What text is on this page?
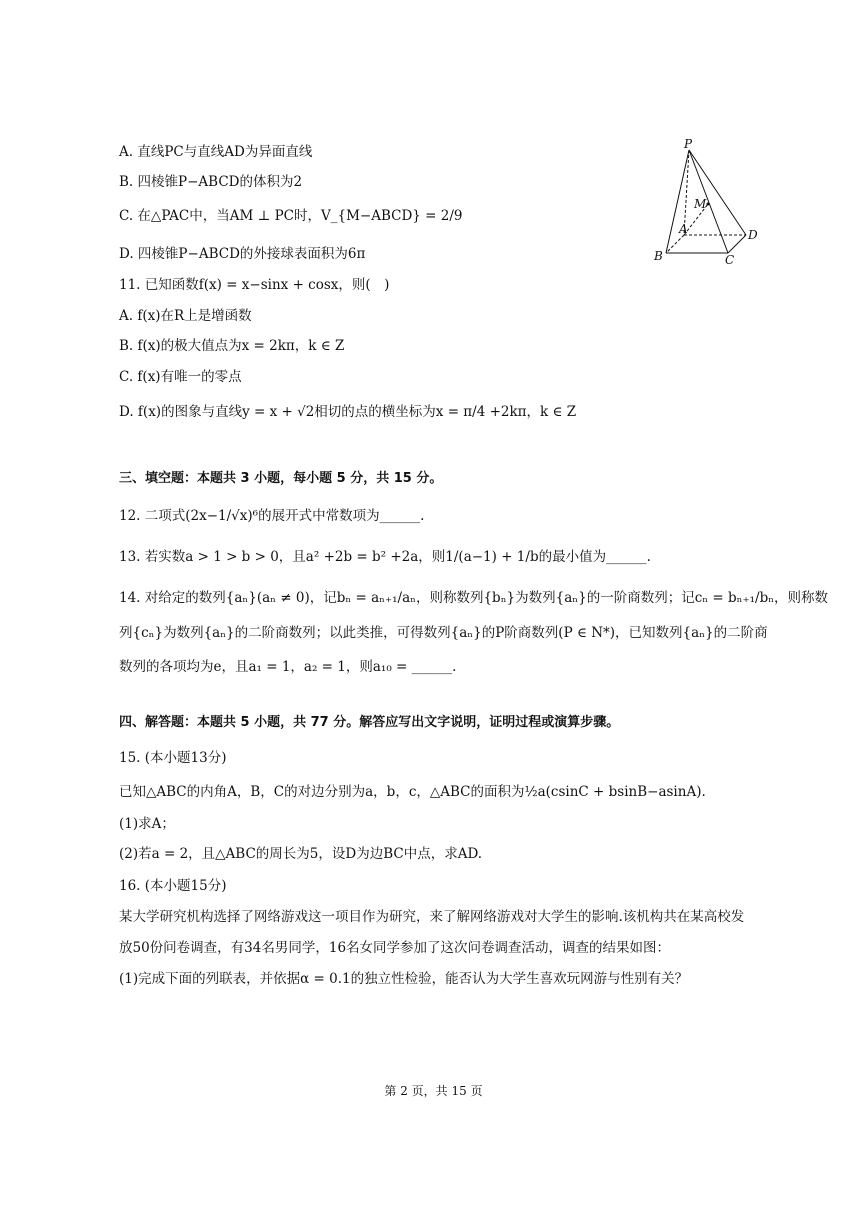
A. 直线PC与直线AD为异面直线
B. 四棱锥P−ABCD的体积为2
C. 在△PAC中，当AM ⊥ PC时，V_{M−ABCD} = 2/9
D. 四棱锥P−ABCD的外接球表面积为6π
11. 已知函数f(x) = x−sinx + cosx，则(　)
A. f(x)在R上是增函数
B. f(x)的极大值点为x = 2kπ，k ∈ Z
C. f(x)有唯一的零点
D. f(x)的图象与直线y = x + √2相切的点的横坐标为x = π/4 +2kπ，k ∈ Z
三、填空题：本题共 3 小题，每小题 5 分，共 15 分。
12. 二项式(2x−1/√x)⁶的展开式中常数项为______.
13. 若实数a > 1 > b > 0，且a² +2b = b² +2a，则1/(a−1) + 1/b的最小值为______.
14. 对给定的数列{aₙ}(aₙ ≠ 0)，记bₙ = aₙ₊₁/aₙ，则称数列{bₙ}为数列{aₙ}的一阶商数列；记cₙ = bₙ₊₁/bₙ，则称数
列{cₙ}为数列{aₙ}的二阶商数列；以此类推，可得数列{aₙ}的P阶商数列(P ∈ N*)，已知数列{aₙ}的二阶商
数列的各项均为e，且a₁ = 1，a₂ = 1，则a₁₀ = ______.
四、解答题：本题共 5 小题，共 77 分。解答应写出文字说明，证明过程或演算步骤。
15. (本小题13分)
已知△ABC的内角A，B，C的对边分别为a，b，c，△ABC的面积为½a(csinC + bsinB−asinA).
(1)求A；
(2)若a = 2，且△ABC的周长为5，设D为边BC中点，求AD.
16. (本小题15分)
某大学研究机构选择了网络游戏这一项目作为研究，来了解网络游戏对大学生的影响.该机构共在某高校发
放50份问卷调查，有34名男同学，16名女同学参加了这次问卷调查活动，调查的结果如图：
(1)完成下面的列联表，并依据α = 0.1的独立性检验，能否认为大学生喜欢玩网游与性别有关？
P
M
A
B	C
D
第 2 页，共 15 页
